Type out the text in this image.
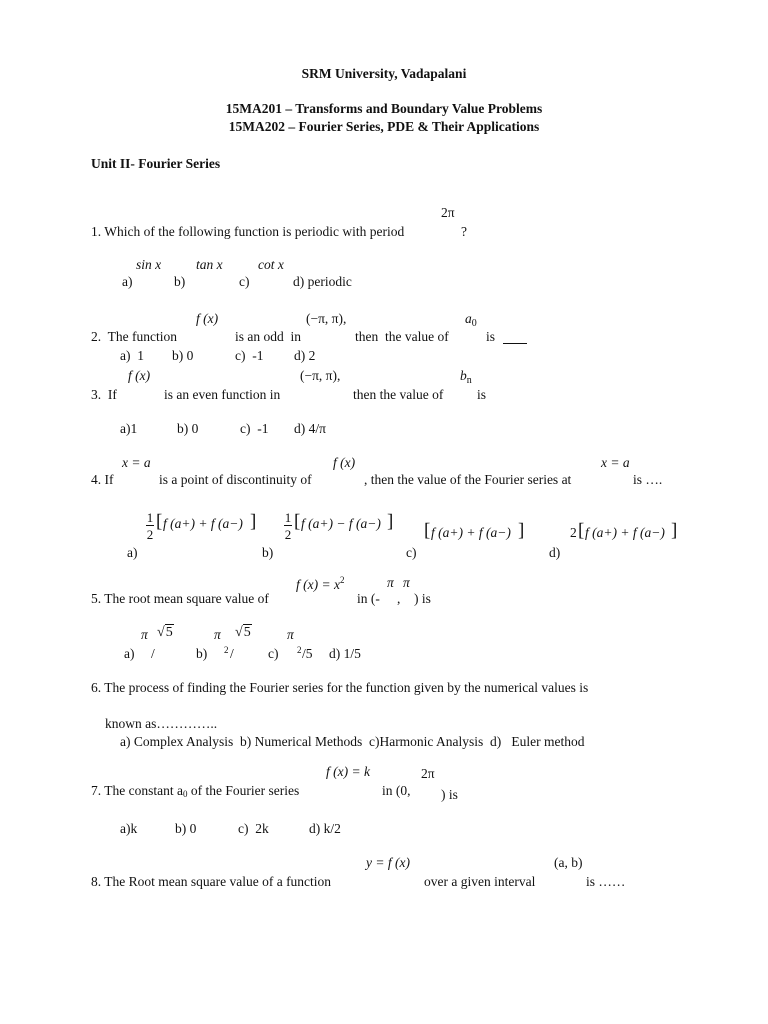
SRM University, Vadapalani
15MA201 – Transforms and Boundary Value Problems
15MA202 – Fourier Series, PDE & Their Applications
Unit II- Fourier Series
2π
1. Which of the following function is periodic with period	?
sin x	tan x	cot x
a)	b)	c)	d) periodic
f (x)	(−π, π),	$a_0$
2.  The function	is an odd  in	then  the value of	is
a)  1 b) 0	c)  -1 d) 2
f (x)	(−π, π),	$b_n$
3.  If	is an even function in	then the value of is
a)1	b) 0	c)  -1 d) 4/π
x = a	f (x)	x = a
4. If	is a point of discontinuity of	, then the value of the Fourier series at	is ….
1
2
[ f (a+) + f (a−) ] 1
2
[ f (a+) − f (a−) ] [ f (a+) + f (a−) ]	2 [ f (a+) + f (a−) ]
a)	b)	c)	d)
f $(x) = x^2$	π π
5. The root mean square value of	in (- , ) is
π √5	π √5	π
a) /	b) 2 /	c) 2 /5 d) 1/5
6. The process of finding the Fourier series for the function given by the numerical values is
known as…………..
a) Complex Analysis  b) Numerical Methods  c)Harmonic Analysis  d)   Euler method
f (x) = k	2π
7. The constant a0 of the Fourier series	in (0, ) is
a)k	b) 0	c)  2k	d) k/2
y = f (x)	(a, b)
8. The Root mean square value of a function	over a given interval	is ……
